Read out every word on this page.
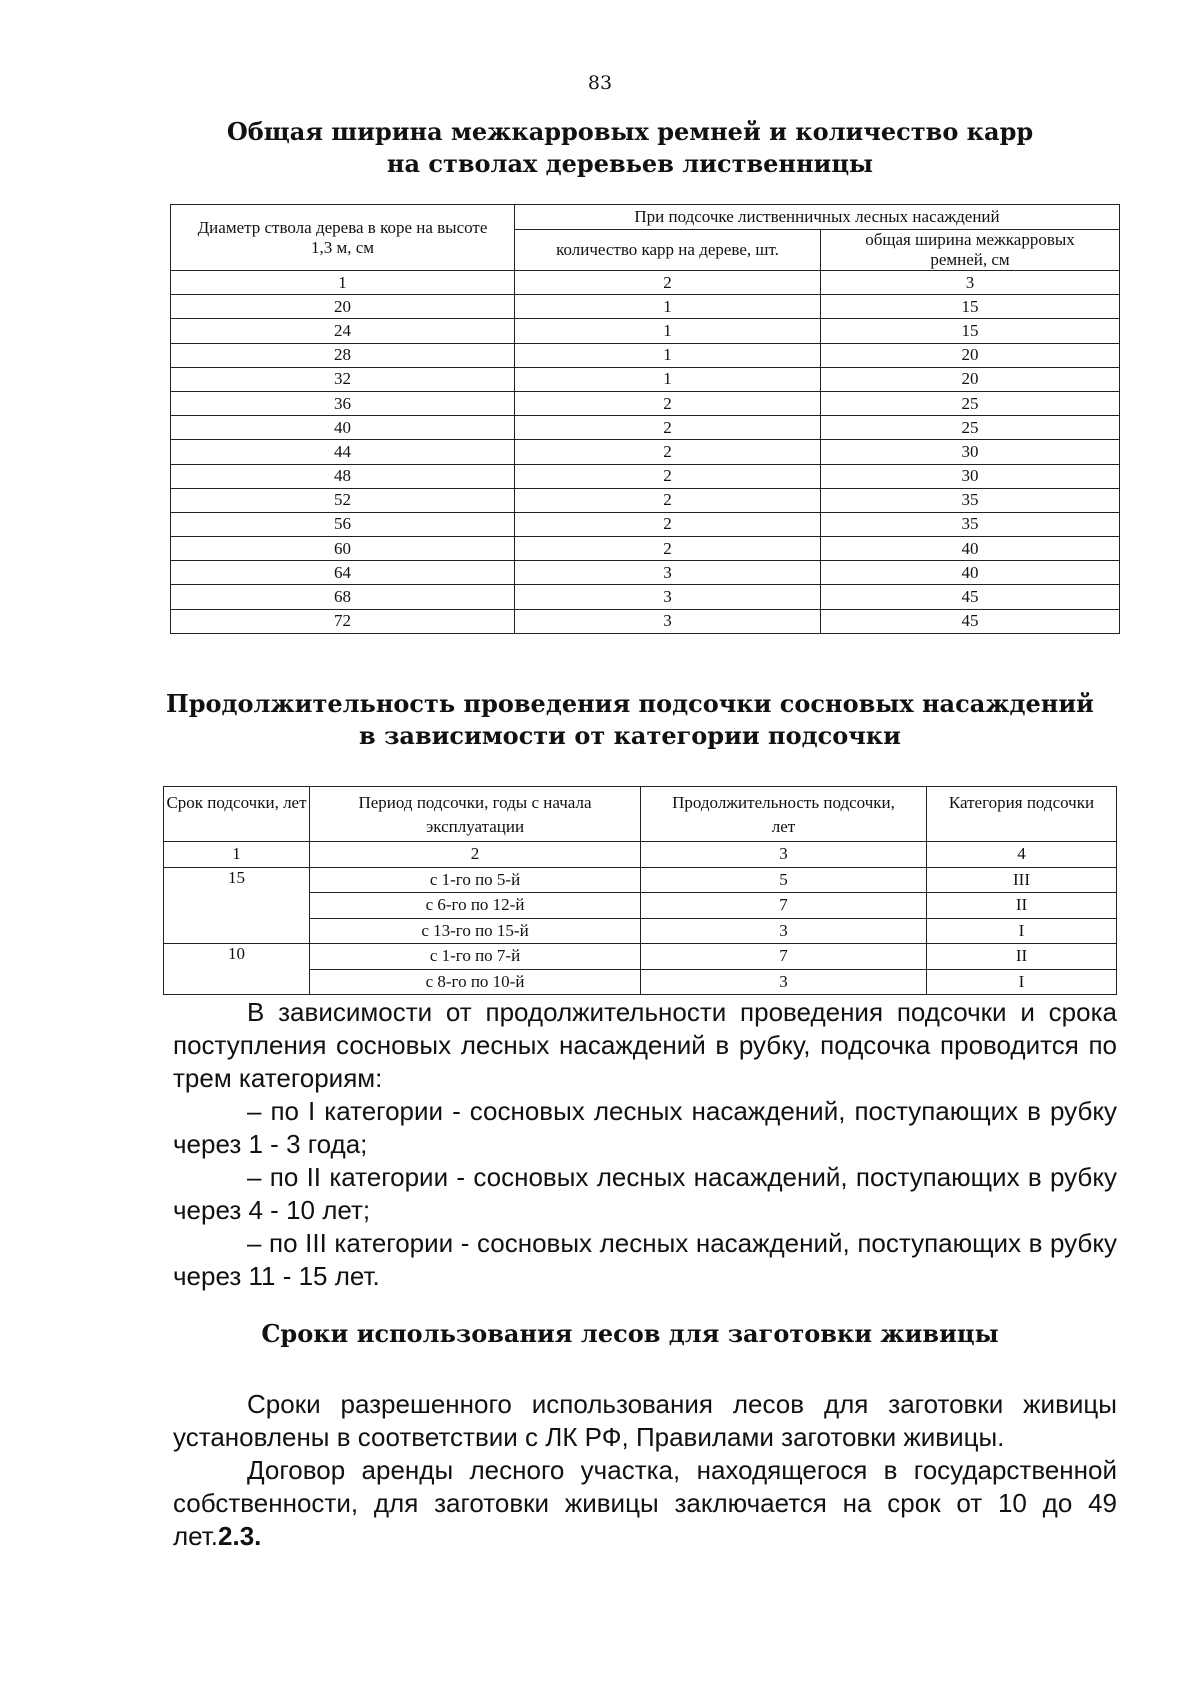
83
Общая ширина межкарровых ремней и количество карр
на стволах деревьев лиственницы
Диаметр ствола дерева в коре на высоте 1,3 м, см	При подсочке лиственничных лесных насаждений	
	количество карр на дереве, шт.	общая ширина межкарровых ремней, см
1	2	3
20	1	15
24	1	15
28	1	20
32	1	20
36	2	25
40	2	25
44	2	30
48	2	30
52	2	35
56	2	35
60	2	40
64	3	40
68	3	45
72	3	45
Продолжительность проведения подсочки сосновых насаждений
в зависимости от категории подсочки
Срок подсочки, лет	Период подсочки, годы с начала эксплуатации	Продолжительность подсочки, лет	Категория подсочки
1	2	3	4
15	с 1-го по 5-й	5	III
	с 6-го по 12-й	7	II
	с 13-го по 15-й	3	I
10	с 1-го по 7-й	7	II
	с 8-го по 10-й	3	I

В зависимости от продолжительности проведения подсочки и срока поступления сосновых лесных насаждений в рубку, подсочка проводится по трем категориям:

– по I категории - сосновых лесных насаждений, поступающих в рубку через 1 - 3 года;

– по II категории - сосновых лесных насаждений, поступающих в рубку через 4 - 10 лет;

– по III категории - сосновых лесных насаждений, поступающих в рубку через 11 - 15 лет.

Сроки использования лесов для заготовки живицы

Сроки разрешенного использования лесов для заготовки живицы установлены в соответствии с ЛК РФ, Правилами заготовки живицы.

Договор аренды лесного участка, находящегося в государственной собственности, для заготовки живицы заключается на срок от 10 до 49 лет.2.3.
